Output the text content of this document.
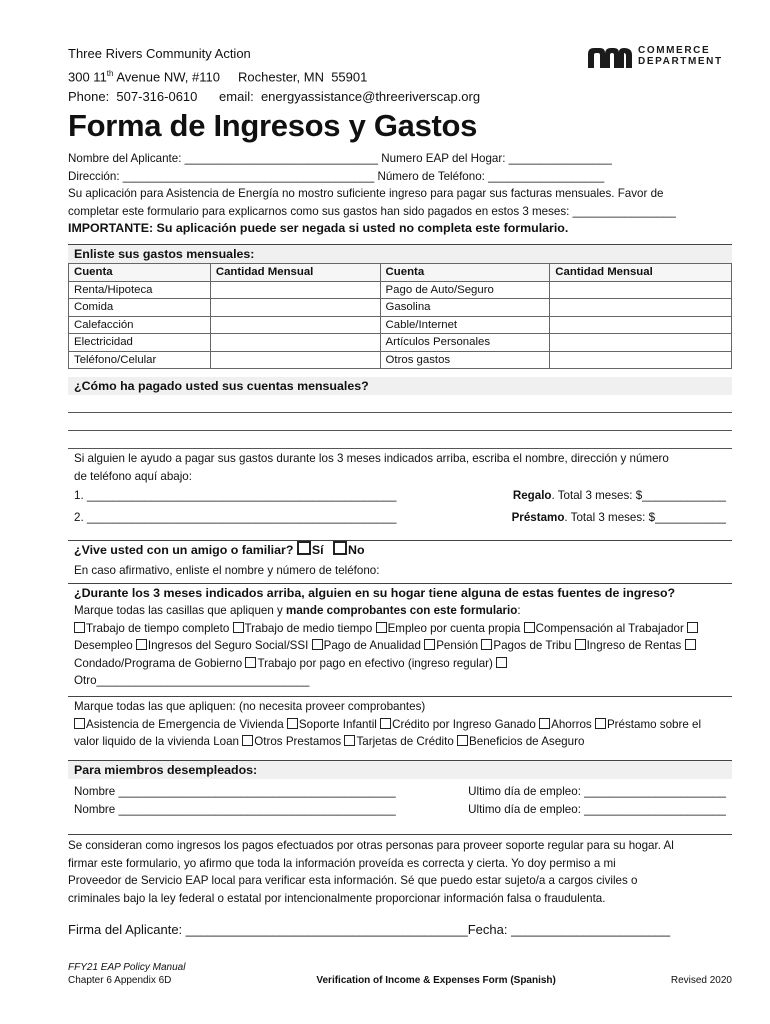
Three Rivers Community Action
300 11th Avenue NW, #110     Rochester, MN  55901
Phone:  507-316-0610      email:  energyassistance@threeriverscap.org
COMMERCE
DEPARTMENT
Forma de Ingresos y Gastos
Nombre del Aplicante: ______________________________ Numero EAP del Hogar: ________________
Dirección: _______________________________________ Número de Teléfono: __________________
Su aplicación para Asistencia de Energía no mostro suficiente ingreso para pagar sus facturas mensuales. Favor de
completar este formulario para explicarnos como sus gastos han sido pagados en estos 3 meses: ________________
IMPORTANTE: Su aplicación puede ser negada si usted no completa este formulario.
Enliste sus gastos mensuales:
Cuenta	Cantidad Mensual	Cuenta	Cantidad Mensual
Renta/Hipoteca		Pago de Auto/Seguro	
Comida		Gasolina	
Calefacción		Cable/Internet	
Electricidad		Artículos Personales	
Teléfono/Celular		Otros gastos	
¿Cómo ha pagado usted sus cuentas mensuales?
Si alguien le ayudo a pagar sus gastos durante los 3 meses indicados arriba, escriba el nombre, dirección y número
de teléfono aquí abajo:
1. ________________________________________________	Regalo. Total 3 meses: $_____________
2. ________________________________________________	Préstamo. Total 3 meses: $___________
¿Vive usted con un amigo o familiar? Sí No
En caso afirmativo, enliste el nombre y número de teléfono:
¿Durante los 3 meses indicados arriba, alguien en su hogar tiene alguna de estas fuentes de ingreso?
Marque todas las casillas que apliquen y mande comprobantes con este formulario:
Trabajo de tiempo completo Trabajo de medio tiempo Empleo por cuenta propia Compensación al Trabajador Desempleo Ingresos del Seguro Social/SSI Pago de Anualidad Pensión Pagos de Tribu Ingreso de Rentas Condado/Programa de Gobierno Trabajo por pago en efectivo (ingreso regular) Otro_________________________________
Marque todas las que apliquen: (no necesita proveer comprobantes)
Asistencia de Emergencia de Vivienda Soporte Infantil Crédito por Ingreso Ganado Ahorros Préstamo sobre el valor liquido de la vivienda Loan Otros Prestamos Tarjetas de Crédito Beneficios de Aseguro
Para miembros desempleados:
Nombre ___________________________________________	Ultimo día de empleo: ______________________
Nombre ___________________________________________	Ultimo día de empleo: ______________________
Se consideran como ingresos los pagos efectuados por otras personas para proveer soporte regular para su hogar. Al
firmar este formulario, yo afirmo que toda la información proveída es correcta y cierta. Yo doy permiso a mi
Proveedor de Servicio EAP local para verificar esta información. Sé que puedo estar sujeto/a a cargos civiles o
criminales bajo la ley federal o estatal por intencionalmente proporcionar información falsa o fraudulenta.
Firma del Aplicante: _______________________________________Fecha: ______________________
FFY21 EAP Policy Manual
Chapter 6 Appendix 6D	Verification of Income & Expenses Form (Spanish)	Revised 2020
